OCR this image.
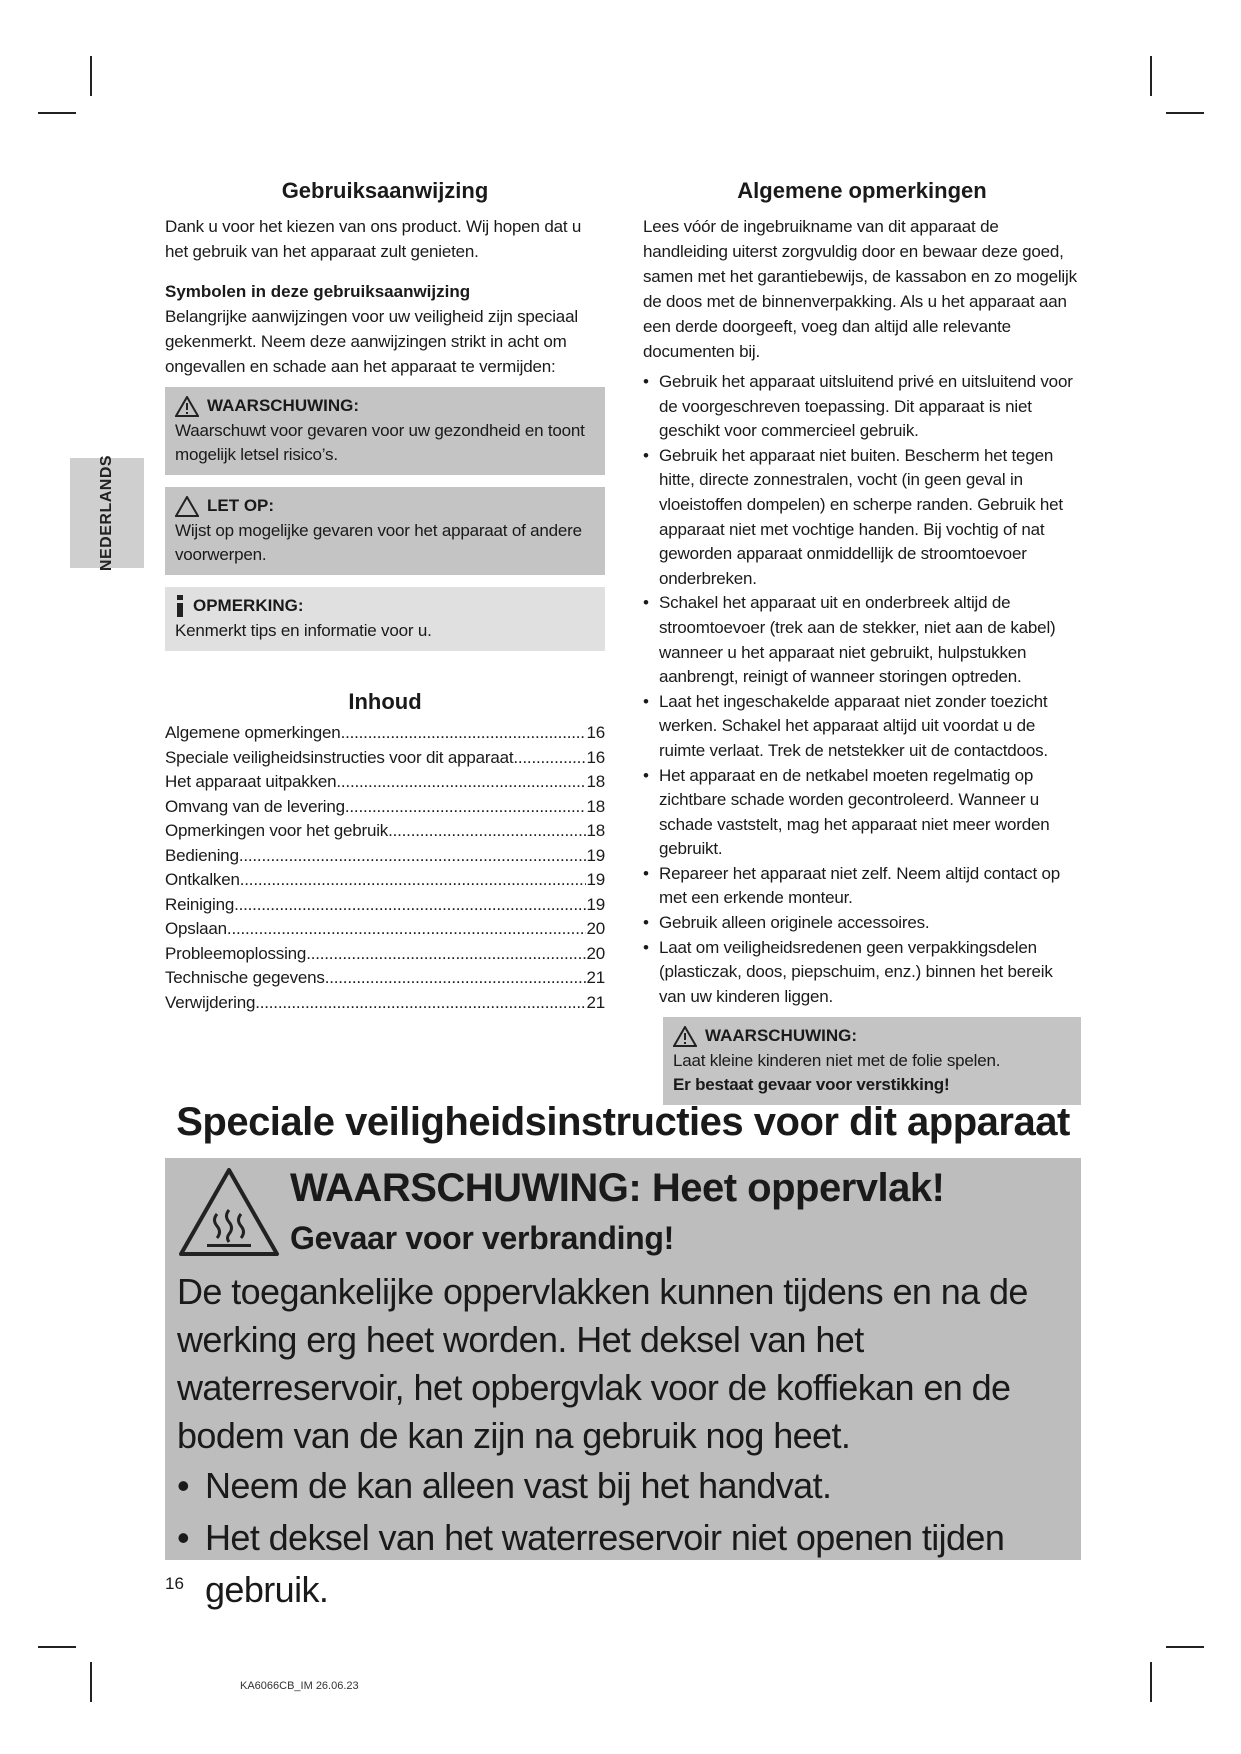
NEDERLANDS
Gebruiksaanwijzing

Dank u voor het kiezen van ons product. Wij hopen dat u het gebruik van het apparaat zult genieten.

Symbolen in deze gebruiksaanwijzing

Belangrijke aanwijzingen voor uw veiligheid zijn speciaal gekenmerkt. Neem deze aanwijzingen strikt in acht om ongevallen en schade aan het apparaat te vermijden:

WAARSCHUWING:
Waarschuwt voor gevaren voor uw gezondheid en toont mogelijk letsel risico’s.
LET OP:
Wijst op mogelijke gevaren voor het apparaat of andere voorwerpen.
OPMERKING:
Kenmerkt tips en informatie voor u.
Inhoud
Algemene opmerkingen .....	16
Speciale veiligheidsinstructies voor dit apparaat .....	16
Het apparaat uitpakken .....	18
Omvang van de levering .....	18
Opmerkingen voor het gebruik .....	18
Bediening .....	19
Ontkalken .....	19
Reiniging .....	19
Opslaan .....	20
Probleemoplossing .....	20
Technische gegevens .....	21
Verwijdering .....	21
Algemene opmerkingen

Lees vóór de ingebruikname van dit apparaat de handleiding uiterst zorgvuldig door en bewaar deze goed, samen met het garantiebewijs, de kassabon en zo mogelijk de doos met de binnenverpakking. Als u het apparaat aan een derde doorgeeft, voeg dan altijd alle relevante documenten bij.

• Gebruik het apparaat uitsluitend privé en uitsluitend voor de voorgeschreven toepassing. Dit apparaat is niet geschikt voor commercieel gebruik.
• Gebruik het apparaat niet buiten. Bescherm het tegen hitte, directe zonnestralen, vocht (in geen geval in vloeistoffen dompelen) en scherpe randen. Gebruik het apparaat niet met vochtige handen. Bij vochtig of nat geworden apparaat onmiddellijk de stroomtoevoer onderbreken.
• Schakel het apparaat uit en onderbreek altijd de stroomtoevoer (trek aan de stekker, niet aan de kabel) wanneer u het apparaat niet gebruikt, hulpstukken aanbrengt, reinigt of wanneer storingen optreden.
• Laat het ingeschakelde apparaat niet zonder toezicht werken. Schakel het apparaat altijd uit voordat u de ruimte verlaat. Trek de netstekker uit de contactdoos.
• Het apparaat en de netkabel moeten regelmatig op zichtbare schade worden gecontroleerd. Wanneer u schade vaststelt, mag het apparaat niet meer worden gebruikt.
• Repareer het apparaat niet zelf. Neem altijd contact op met een erkende monteur.
• Gebruik alleen originele accessoires.
• Laat om veiligheidsredenen geen verpakkingsdelen (plasticzak, doos, piepschuim, enz.) binnen het bereik van uw kinderen liggen.
WAARSCHUWING:
Laat kleine kinderen niet met de folie spelen.
Er bestaat gevaar voor verstikking!
Speciale veiligheidsinstructies voor dit apparaat
WAARSCHUWING: Heet oppervlak!
Gevaar voor verbranding!
De toegankelijke oppervlakken kunnen tijdens en na de werking erg heet worden. Het deksel van het waterreservoir, het opbergvlak voor de koffiekan en de bodem van de kan zijn na gebruik nog heet.
• Neem de kan alleen vast bij het handvat.
• Het deksel van het waterreservoir niet openen tijden gebruik.
16
KA6066CB_IM 26.06.23
